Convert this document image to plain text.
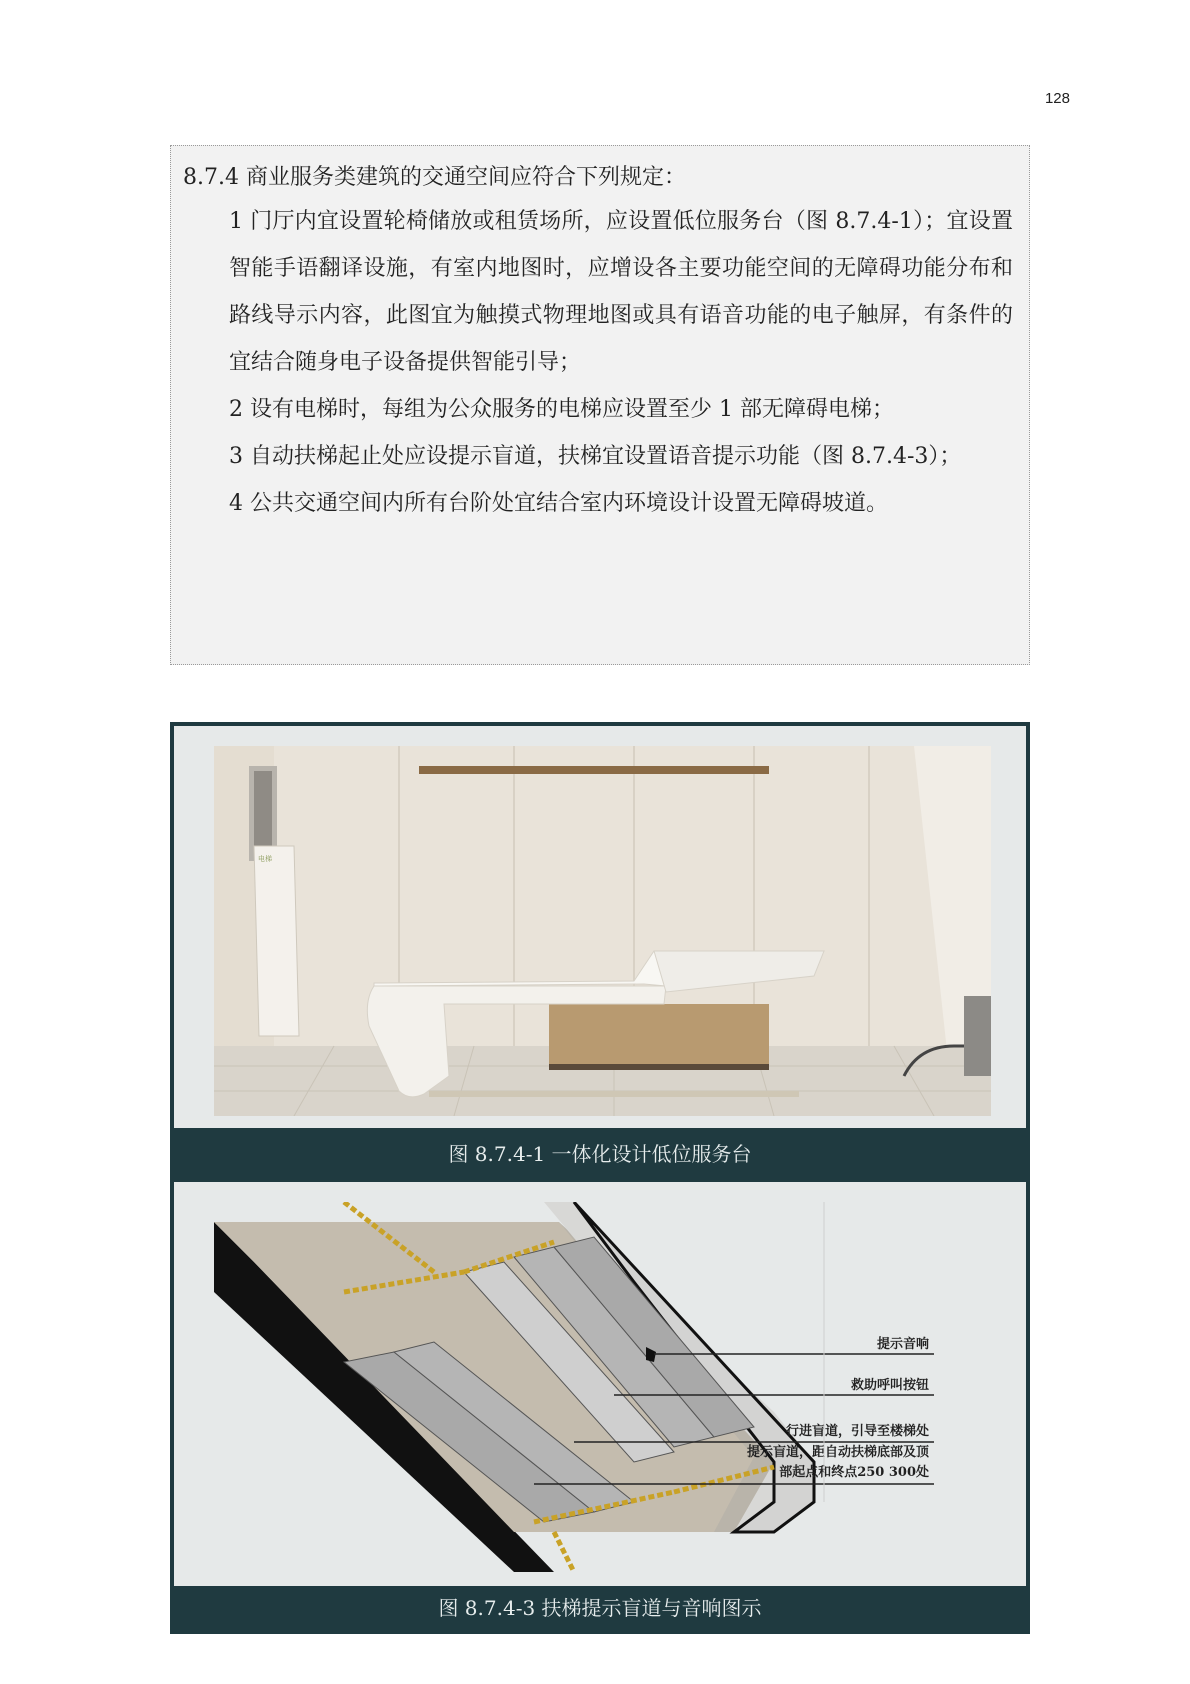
128
8.7.4 商业服务类建筑的交通空间应符合下列规定：

1 门厅内宜设置轮椅储放或租赁场所，应设置低位服务台（图 8.7.4-1）；宜设置智能手语翻译设施，有室内地图时，应增设各主要功能空间的无障碍功能分布和路线导示内容，此图宜为触摸式物理地图或具有语音功能的电子触屏，有条件的宜结合随身电子设备提供智能引导；

2 设有电梯时，每组为公众服务的电梯应设置至少 1 部无障碍电梯；

3 自动扶梯起止处应设提示盲道，扶梯宜设置语音提示功能（图 8.7.4-3）；

4 公共交通空间内所有台阶处宜结合室内环境设计设置无障碍坡道。

电梯
图 8.7.4-1 一体化设计低位服务台
提示音响
救助呼叫按钮
行进盲道，引导至楼梯处
提示盲道，距自动扶梯底部及顶
部起点和终点250 300处
图 8.7.4-3 扶梯提示盲道与音响图示
